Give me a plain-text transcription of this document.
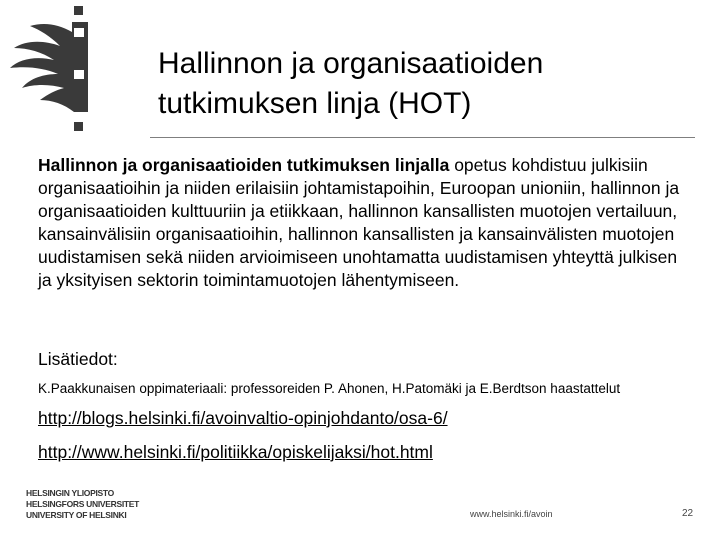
Hallinnon ja organisaatioiden
tutkimuksen linja (HOT)

Hallinnon ja organisaatioiden tutkimuksen linjalla opetus kohdistuu julkisiin organisaatioihin ja niiden erilaisiin johtamistapoihin, Euroopan unioniin, hallinnon ja organisaatioiden kulttuuriin ja etiikkaan, hallinnon kansallisten muotojen vertailuun, kansainvälisiin organisaatioihin, hallinnon kansallisten ja kansainvälisten muotojen uudistamisen sekä niiden arvioimiseen unohtamatta uudistamisen yhteyttä julkisen ja yksityisen sektorin toimintamuotojen lähentymiseen.

Lisätiedot:

K.Paakkunaisen oppimateriaali: professoreiden P. Ahonen, H.Patomäki ja E.Berdtson haastattelut

http://blogs.helsinki.fi/avoinvaltio-opinjohdanto/osa-6/
http://www.helsinki.fi/politiikka/opiskelijaksi/hot.html
HELSINGIN YLIOPISTO
HELSINGFORS UNIVERSITET
UNIVERSITY OF HELSINKI	www.helsinki.fi/avoin	22
